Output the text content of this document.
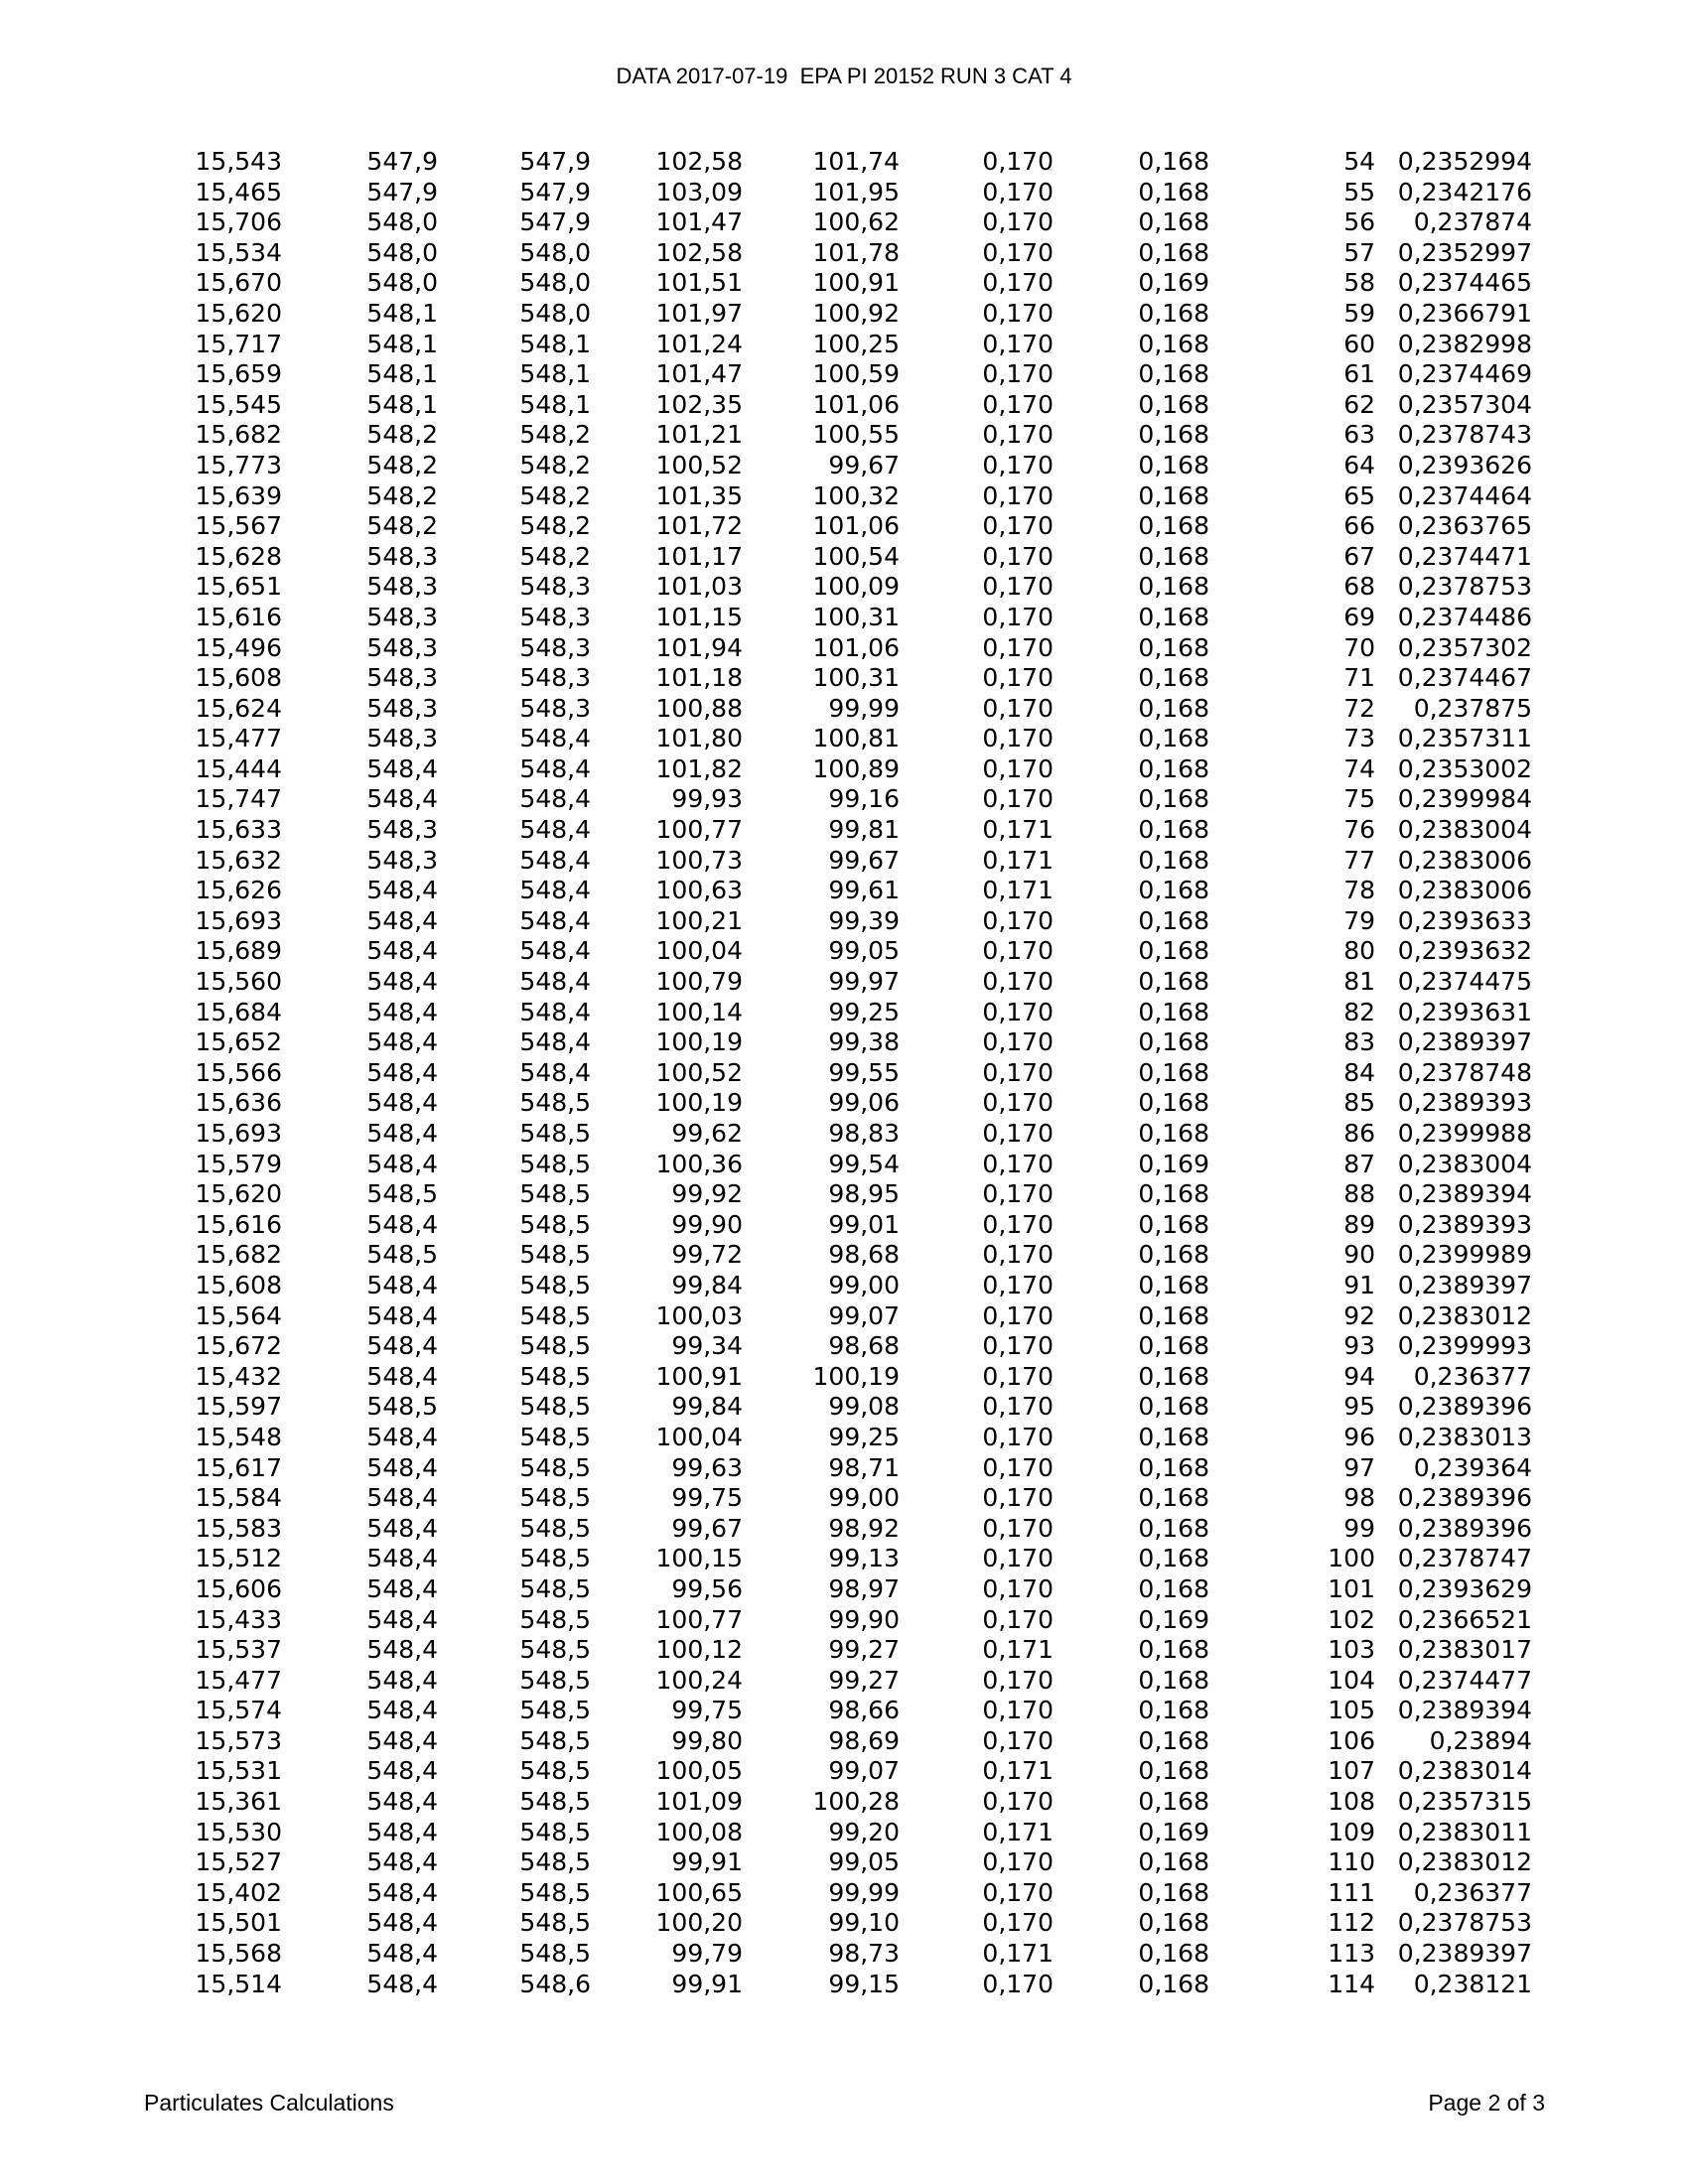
DATA 2017-07-19  EPA PI 20152 RUN 3 CAT 4
15,543	547,9	547,9	102,58	101,74	0,170	0,168	54	0,2352994
15,465	547,9	547,9	103,09	101,95	0,170	0,168	55	0,2342176
15,706	548,0	547,9	101,47	100,62	0,170	0,168	56	0,237874
15,534	548,0	548,0	102,58	101,78	0,170	0,168	57	0,2352997
15,670	548,0	548,0	101,51	100,91	0,170	0,169	58	0,2374465
15,620	548,1	548,0	101,97	100,92	0,170	0,168	59	0,2366791
15,717	548,1	548,1	101,24	100,25	0,170	0,168	60	0,2382998
15,659	548,1	548,1	101,47	100,59	0,170	0,168	61	0,2374469
15,545	548,1	548,1	102,35	101,06	0,170	0,168	62	0,2357304
15,682	548,2	548,2	101,21	100,55	0,170	0,168	63	0,2378743
15,773	548,2	548,2	100,52	99,67	0,170	0,168	64	0,2393626
15,639	548,2	548,2	101,35	100,32	0,170	0,168	65	0,2374464
15,567	548,2	548,2	101,72	101,06	0,170	0,168	66	0,2363765
15,628	548,3	548,2	101,17	100,54	0,170	0,168	67	0,2374471
15,651	548,3	548,3	101,03	100,09	0,170	0,168	68	0,2378753
15,616	548,3	548,3	101,15	100,31	0,170	0,168	69	0,2374486
15,496	548,3	548,3	101,94	101,06	0,170	0,168	70	0,2357302
15,608	548,3	548,3	101,18	100,31	0,170	0,168	71	0,2374467
15,624	548,3	548,3	100,88	99,99	0,170	0,168	72	0,237875
15,477	548,3	548,4	101,80	100,81	0,170	0,168	73	0,2357311
15,444	548,4	548,4	101,82	100,89	0,170	0,168	74	0,2353002
15,747	548,4	548,4	99,93	99,16	0,170	0,168	75	0,2399984
15,633	548,3	548,4	100,77	99,81	0,171	0,168	76	0,2383004
15,632	548,3	548,4	100,73	99,67	0,171	0,168	77	0,2383006
15,626	548,4	548,4	100,63	99,61	0,171	0,168	78	0,2383006
15,693	548,4	548,4	100,21	99,39	0,170	0,168	79	0,2393633
15,689	548,4	548,4	100,04	99,05	0,170	0,168	80	0,2393632
15,560	548,4	548,4	100,79	99,97	0,170	0,168	81	0,2374475
15,684	548,4	548,4	100,14	99,25	0,170	0,168	82	0,2393631
15,652	548,4	548,4	100,19	99,38	0,170	0,168	83	0,2389397
15,566	548,4	548,4	100,52	99,55	0,170	0,168	84	0,2378748
15,636	548,4	548,5	100,19	99,06	0,170	0,168	85	0,2389393
15,693	548,4	548,5	99,62	98,83	0,170	0,168	86	0,2399988
15,579	548,4	548,5	100,36	99,54	0,170	0,169	87	0,2383004
15,620	548,5	548,5	99,92	98,95	0,170	0,168	88	0,2389394
15,616	548,4	548,5	99,90	99,01	0,170	0,168	89	0,2389393
15,682	548,5	548,5	99,72	98,68	0,170	0,168	90	0,2399989
15,608	548,4	548,5	99,84	99,00	0,170	0,168	91	0,2389397
15,564	548,4	548,5	100,03	99,07	0,170	0,168	92	0,2383012
15,672	548,4	548,5	99,34	98,68	0,170	0,168	93	0,2399993
15,432	548,4	548,5	100,91	100,19	0,170	0,168	94	0,236377
15,597	548,5	548,5	99,84	99,08	0,170	0,168	95	0,2389396
15,548	548,4	548,5	100,04	99,25	0,170	0,168	96	0,2383013
15,617	548,4	548,5	99,63	98,71	0,170	0,168	97	0,239364
15,584	548,4	548,5	99,75	99,00	0,170	0,168	98	0,2389396
15,583	548,4	548,5	99,67	98,92	0,170	0,168	99	0,2389396
15,512	548,4	548,5	100,15	99,13	0,170	0,168	100	0,2378747
15,606	548,4	548,5	99,56	98,97	0,170	0,168	101	0,2393629
15,433	548,4	548,5	100,77	99,90	0,170	0,169	102	0,2366521
15,537	548,4	548,5	100,12	99,27	0,171	0,168	103	0,2383017
15,477	548,4	548,5	100,24	99,27	0,170	0,168	104	0,2374477
15,574	548,4	548,5	99,75	98,66	0,170	0,168	105	0,2389394
15,573	548,4	548,5	99,80	98,69	0,170	0,168	106	0,23894
15,531	548,4	548,5	100,05	99,07	0,171	0,168	107	0,2383014
15,361	548,4	548,5	101,09	100,28	0,170	0,168	108	0,2357315
15,530	548,4	548,5	100,08	99,20	0,171	0,169	109	0,2383011
15,527	548,4	548,5	99,91	99,05	0,170	0,168	110	0,2383012
15,402	548,4	548,5	100,65	99,99	0,170	0,168	111	0,236377
15,501	548,4	548,5	100,20	99,10	0,170	0,168	112	0,2378753
15,568	548,4	548,5	99,79	98,73	0,171	0,168	113	0,2389397
15,514	548,4	548,6	99,91	99,15	0,170	0,168	114	0,238121
Particulates Calculations	Page 2 of 3
